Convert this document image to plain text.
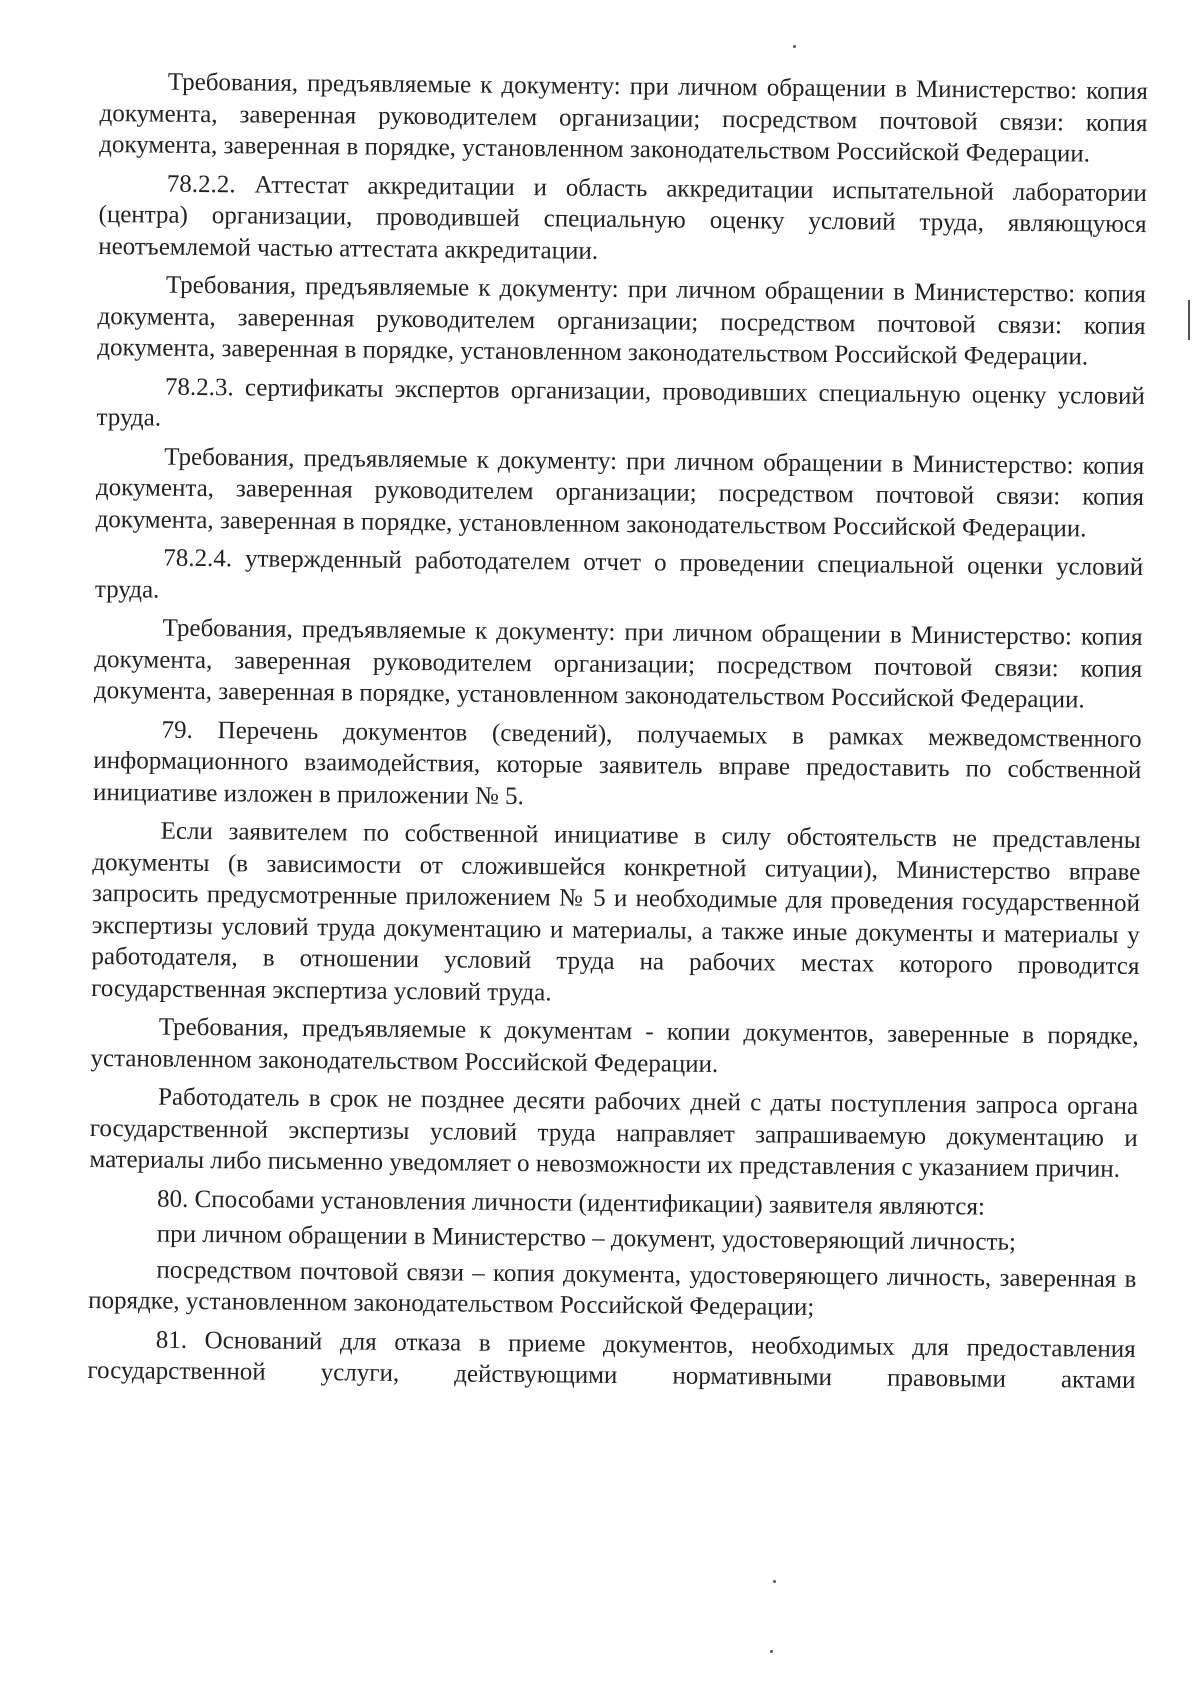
Требования, предъявляемые к документу: при личном обращении в Министерство: копия документа, заверенная руководителем организации; посредством почтовой связи: копия документа, заверенная в порядке, установленном законодательством Российской Федерации.

78.2.2. Аттестат аккредитации и область аккредитации испытательной лаборатории (центра) организации, проводившей специальную оценку условий труда, являющуюся неотъемлемой частью аттестата аккредитации.

Требования, предъявляемые к документу: при личном обращении в Министерство: копия документа, заверенная руководителем организации; посредством почтовой связи: копия документа, заверенная в порядке, установленном законодательством Российской Федерации.

78.2.3. сертификаты экспертов организации, проводивших специальную оценку условий труда.

Требования, предъявляемые к документу: при личном обращении в Министерство: копия документа, заверенная руководителем организации; посредством почтовой связи: копия документа, заверенная в порядке, установленном законодательством Российской Федерации.

78.2.4. утвержденный работодателем отчет о проведении специальной оценки условий труда.

Требования, предъявляемые к документу: при личном обращении в Министерство: копия документа, заверенная руководителем организации; посредством почтовой связи: копия документа, заверенная в порядке, установленном законодательством Российской Федерации.

79. Перечень документов (сведений), получаемых в рамках межведомственного информационного взаимодействия, которые заявитель вправе предоставить по собственной инициативе изложен в приложении № 5.

Если заявителем по собственной инициативе в силу обстоятельств не представлены документы (в зависимости от сложившейся конкретной ситуации), Министерство вправе запросить предусмотренные приложением № 5 и необходимые для проведения государственной экспертизы условий труда документацию и материалы, а также иные документы и материалы у работодателя, в отношении условий труда на рабочих местах которого проводится государственная экспертиза условий труда.

Требования, предъявляемые к документам - копии документов, заверенные в порядке, установленном законодательством Российской Федерации.

Работодатель в срок не позднее десяти рабочих дней с даты поступления запроса органа государственной экспертизы условий труда направляет запрашиваемую документацию и материалы либо письменно уведомляет о невозможности их представления с указанием причин.

80. Способами установления личности (идентификации) заявителя являются:

при личном обращении в Министерство – документ, удостоверяющий личность;

посредством почтовой связи – копия документа, удостоверяющего личность, заверенная в порядке, установленном законодательством Российской Федерации;

81. Оснований для отказа в приеме документов, необходимых для предоставления государственной услуги, действующими нормативными правовыми актами
